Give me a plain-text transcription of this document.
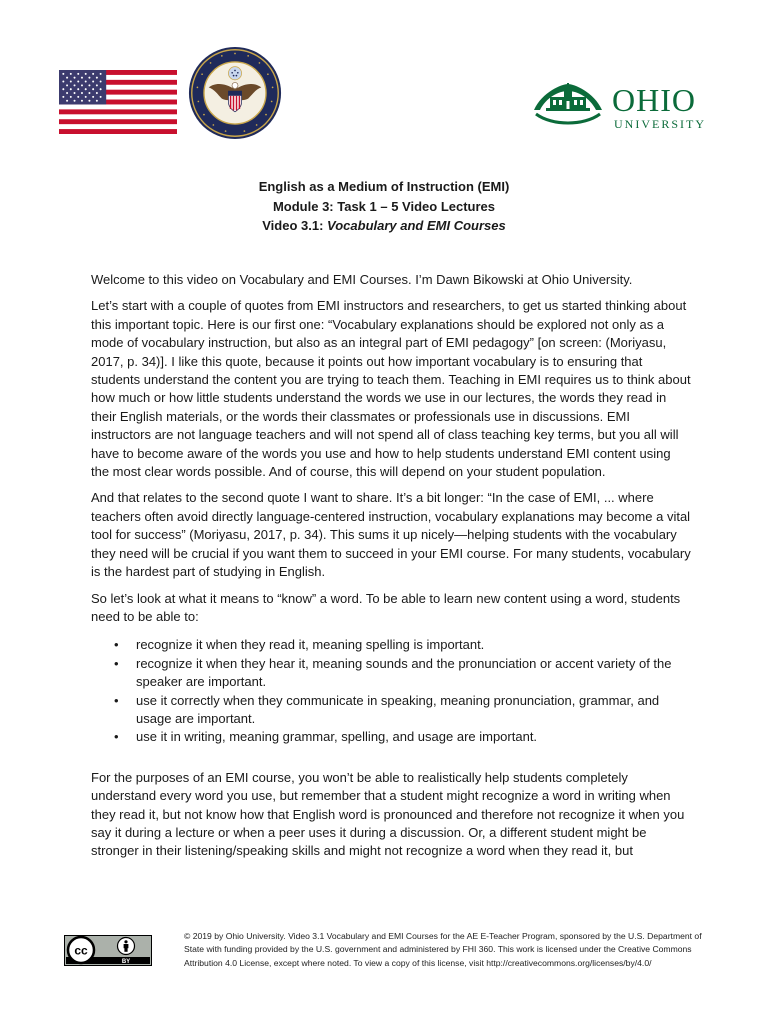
OHIO
UNIVERSITY
English as a Medium of Instruction (EMI)
Module 3: Task 1 – 5 Video Lectures
Video 3.1: Vocabulary and EMI Courses

Welcome to this video on Vocabulary and EMI Courses. I’m Dawn Bikowski at Ohio University.

Let’s start with a couple of quotes from EMI instructors and researchers, to get us started thinking about this important topic. Here is our first one: “Vocabulary explanations should be explored not only as a mode of vocabulary instruction, but also as an integral part of EMI pedagogy” [on screen: (Moriyasu, 2017, p. 34)]. I like this quote, because it points out how important vocabulary is to ensuring that students understand the content you are trying to teach them. Teaching in EMI requires us to think about how much or how little students understand the words we use in our lectures, the words they read in their English materials, or the words their classmates or professionals use in discussions. EMI instructors are not language teachers and will not spend all of class teaching key terms, but you all will have to become aware of the words you use and how to help students understand EMI content using the most clear words possible. And of course, this will depend on your student population.

And that relates to the second quote I want to share. It’s a bit longer: “In the case of EMI, ... where teachers often avoid directly language-centered instruction, vocabulary explanations may become a vital tool for success” (Moriyasu, 2017, p. 34). This sums it up nicely—helping students with the vocabulary they need will be crucial if you want them to succeed in your EMI course. For many students, vocabulary is the hardest part of studying in English.

So let’s look at what it means to “know” a word. To be able to learn new content using a word, students need to be able to:

• recognize it when they read it, meaning spelling is important.
• recognize it when they hear it, meaning sounds and the pronunciation or accent variety of the speaker are important.
• use it correctly when they communicate in speaking, meaning pronunciation, grammar, and usage are important.
• use it in writing, meaning grammar, spelling, and usage are important.

For the purposes of an EMI course, you won’t be able to realistically help students completely understand every word you use, but remember that a student might recognize a word in writing when they read it, but not know how that English word is pronounced and therefore not recognize it when you say it during a lecture or when a peer uses it during a discussion. Or, a different student might be stronger in their listening/speaking skills and might not recognize a word when they read it, but

cc
BY
© 2019 by Ohio University. Video 3.1 Vocabulary and EMI Courses for the AE E-Teacher Program, sponsored by the U.S. Department of State with funding provided by the U.S. government and administered by FHI 360. This work is licensed under the Creative Commons Attribution 4.0 License, except where noted. To view a copy of this license, visit http://creativecommons.org/licenses/by/4.0/
